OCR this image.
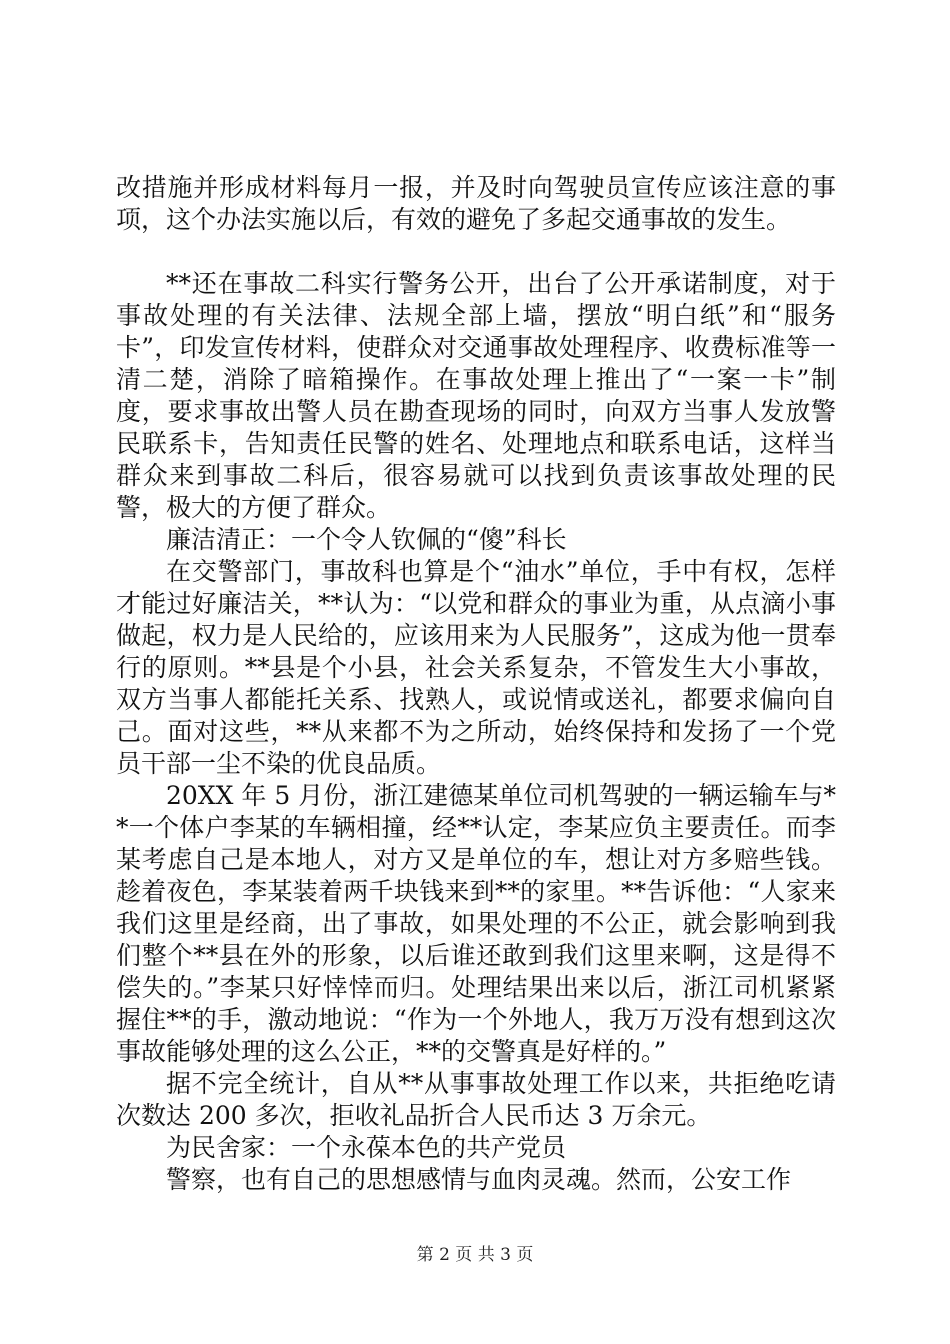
改措施并形成材料每月一报，并及时向驾驶员宣传应该注意的事项，这个办法实施以后，有效的避免了多起交通事故的发生。

**还在事故二科实行警务公开，出台了公开承诺制度，对于事故处理的有关法律、法规全部上墙，摆放“明白纸”和“服务卡”，印发宣传材料，使群众对交通事故处理程序、收费标准等一清二楚，消除了暗箱操作。在事故处理上推出了“一案一卡”制度，要求事故出警人员在勘查现场的同时，向双方当事人发放警民联系卡，告知责任民警的姓名、处理地点和联系电话，这样当群众来到事故二科后，很容易就可以找到负责该事故处理的民警，极大的方便了群众。

廉洁清正：一个令人钦佩的“傻”科长

在交警部门，事故科也算是个“油水”单位，手中有权，怎样才能过好廉洁关，**认为：“以党和群众的事业为重，从点滴小事做起，权力是人民给的，应该用来为人民服务”，这成为他一贯奉行的原则。**县是个小县，社会关系复杂，不管发生大小事故，双方当事人都能托关系、找熟人，或说情或送礼，都要求偏向自己。面对这些，**从来都不为之所动，始终保持和发扬了一个党员干部一尘不染的优良品质。

20XX 年 5 月份，浙江建德某单位司机驾驶的一辆运输车与**一个体户李某的车辆相撞，经**认定，李某应负主要责任。而李某考虑自己是本地人，对方又是单位的车，想让对方多赔些钱。趁着夜色，李某装着两千块钱来到**的家里。**告诉他：“人家来我们这里是经商，出了事故，如果处理的不公正，就会影响到我们整个**县在外的形象，以后谁还敢到我们这里来啊，这是得不偿失的。”李某只好悻悻而归。处理结果出来以后，浙江司机紧紧握住**的手，激动地说：“作为一个外地人，我万万没有想到这次事故能够处理的这么公正，**的交警真是好样的。”

据不完全统计，自从**从事事故处理工作以来，共拒绝吃请次数达 200 多次，拒收礼品折合人民币达 3 万余元。

为民舍家：一个永葆本色的共产党员

警察，也有自己的思想感情与血肉灵魂。然而，公安工作

第 2 页 共 3 页
